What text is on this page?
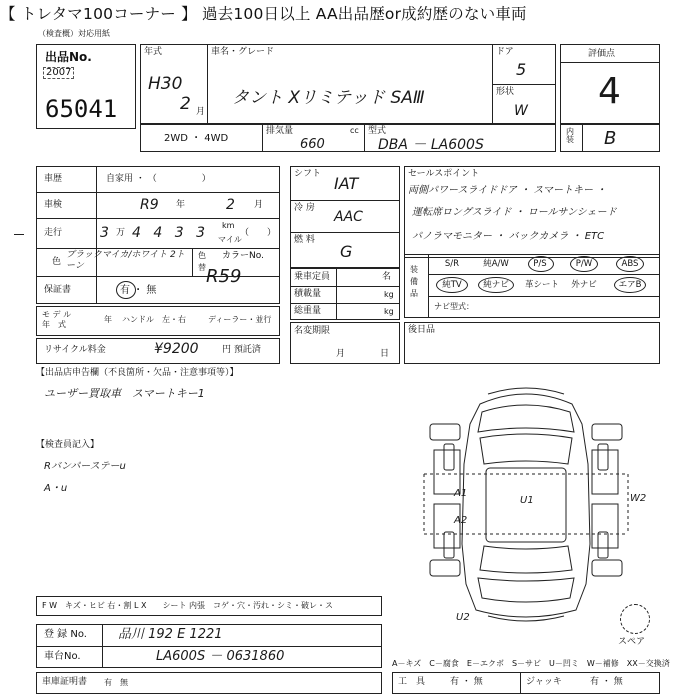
【 トレタマ100コーナー 】 過去100日以上 AA出品歴or成約歴のない車両
（検査概）対応用紙
出品No.
2007
65041
年式
H30
2 月
車名・グレード
タント Xリミテッド SAⅢ
ドア
5
形状
W
評価点
4
2WD ・ 4WD
排気量	cc
660
型式
DBA － LA600S
内装 B
車歴	自家用 ・ （　　　　　）
車検	R9 年	2 月
走行	3 万 4 4 3 3 km
マイル
（　　）
色
ブラックマイカ/ホワイト 2トーン
色
替
カラーNo.
R59
保証書	有 ・ 無
モ デ ル
年　式
年 ハンドル　左・右	ディーラー・並行
リサイクル料金	¥9200	円 預託済
シフト IAT
冷 房
AAC
燃 料
G
乗車定員	名
積載量	kg
総重量	kg
名変期限
月	日
セールスポイント
両側パワースライドドア ・ スマートキー ・
運転席ロングスライド ・ ロールサンシェード
パノラマモニター ・ バックカメラ ・ ETC
装 備 品
S/R	純A/W	P/S	P/W	ABS
純TV	純ナビ	革シート	外ナビ	エアB
ナビ型式：
後日品
【出品店申告欄（不良箇所・欠品・注意事項等）】
ユーザー買取車　スマートキー1
【検査員記入】
Rバンパーステーu
A・u	A1
A2
U1	W2
U2
スペア
F W　キズ・ヒビ 右・割 L X　　シート 内張　コゲ・穴・汚れ・シミ・破レ・ス
登 録 No. 品川 192 E 1221
車台No.	LA600S － 0631860	A－キズ　C－腐食　E－エクボ　S－サビ　U－凹ミ　W－補修　XX－交換済
車庫証明書 有　無	工　具	有 ・ 無	ジャッキ	有 ・ 無
